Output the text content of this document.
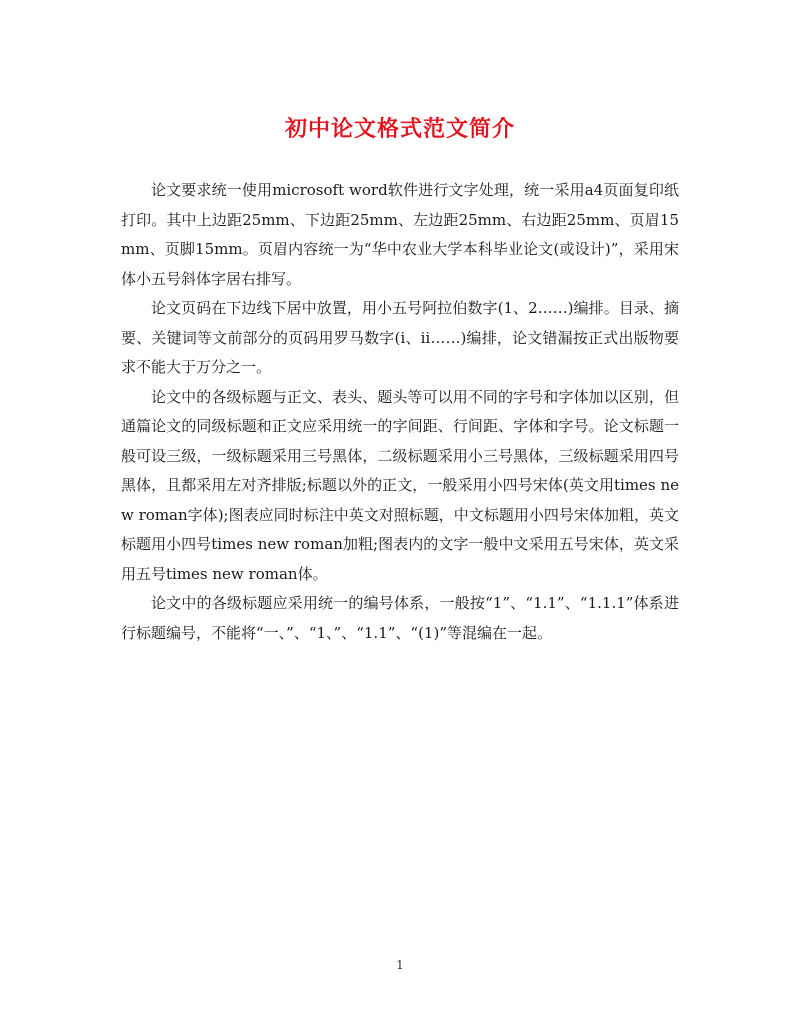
初中论文格式范文简介

论文要求统一使用microsoft word软件进行文字处理，统一采用a4页面复印纸打印。其中上边距25mm、下边距25mm、左边距25mm、右边距25mm、页眉15mm、页脚15mm。页眉内容统一为“华中农业大学本科毕业论文(或设计)”，采用宋体小五号斜体字居右排写。

论文页码在下边线下居中放置，用小五号阿拉伯数字(1、2……)编排。目录、摘要、关键词等文前部分的页码用罗马数字(ⅰ、ⅱ……)编排，论文错漏按正式出版物要求不能大于万分之一。

论文中的各级标题与正文、表头、题头等可以用不同的字号和字体加以区别，但通篇论文的同级标题和正文应采用统一的字间距、行间距、字体和字号。论文标题一般可设三级，一级标题采用三号黑体，二级标题采用小三号黑体，三级标题采用四号黑体，且都采用左对齐排版;标题以外的正文，一般采用小四号宋体(英文用times new roman字体);图表应同时标注中英文对照标题，中文标题用小四号宋体加粗，英文标题用小四号times new roman加粗;图表内的文字一般中文采用五号宋体，英文采用五号times new roman体。

论文中的各级标题应采用统一的编号体系，一般按“1”、“1.1”、“1.1.1”体系进行标题编号，不能将“一、”、“1、”、“1.1”、“(1)”等混编在一起。

1
